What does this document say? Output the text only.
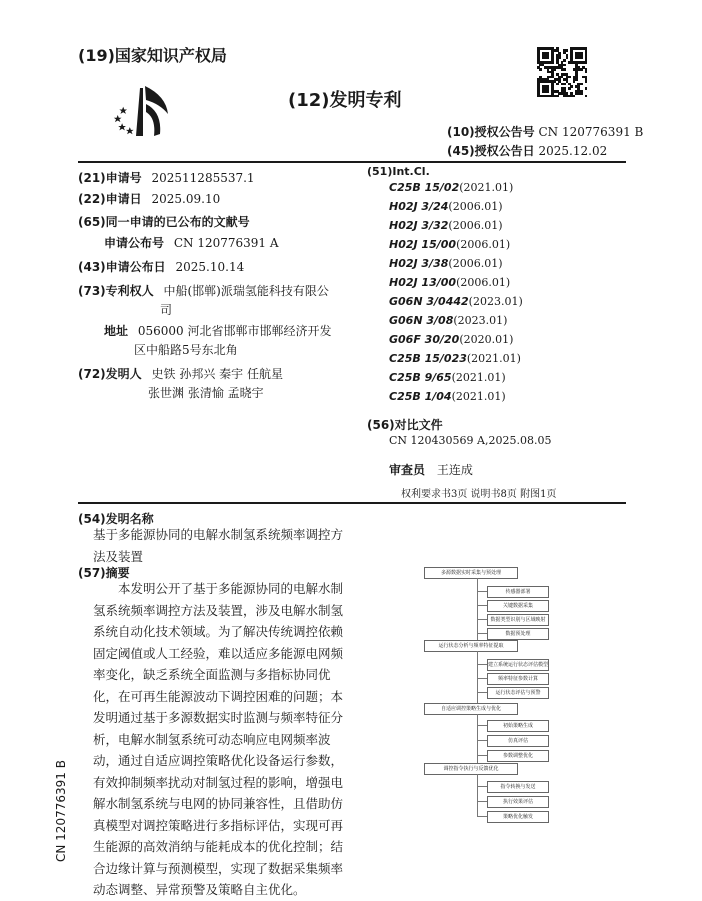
(19)国家知识产权局
(12)发明专利
(10)授权公告号 CN 120776391 B
(45)授权公告日 2025.12.02
(21)申请号 202511285537.1
(22)申请日 2025.09.10
(65)同一申请的已公布的文献号
申请公布号 CN 120776391 A
(43)申请公布日 2025.10.14
(73)专利权人 中船(邯郸)派瑞氢能科技有限公
司
地址 056000 河北省邯郸市邯郸经济开发
区中船路5号东北角
(72)发明人 史铁 孙邦兴 秦宇 任航星
张世渊 张清愉 孟晓宇
(51)Int.Cl.
C25B 15/02(2021.01)
H02J 3/24(2006.01)
H02J 3/32(2006.01)
H02J 15/00(2006.01)
H02J 3/38(2006.01)
H02J 13/00(2006.01)
G06N 3/0442(2023.01)
G06N 3/08(2023.01)
G06F 30/20(2020.01)
C25B 15/023(2021.01)
C25B 9/65(2021.01)
C25B 1/04(2021.01)
(56)对比文件
CN 120430569 A,2025.08.05
审查员 王连成
权利要求书3页 说明书8页 附图1页
(54)发明名称
基于多能源协同的电解水制氢系统频率调控方法及装置
(57)摘要
本发明公开了基于多能源协同的电解水制氢系统频率调控方法及装置，涉及电解水制氢系统自动化技术领域。为了解决传统调控依赖固定阈值或人工经验，难以适应多能源电网频率变化，缺乏系统全面监测与多指标协同优化，在可再生能源波动下调控困难的问题；本发明通过基于多源数据实时监测与频率特征分析，电解水制氢系统可动态响应电网频率波动，通过自适应调控策略优化设备运行参数，有效抑制频率扰动对制氢过程的影响，增强电解水制氢系统与电网的协同兼容性，且借助仿真模型对调控策略进行多指标评估，实现可再生能源的高效消纳与能耗成本的优化控制；结合边缘计算与预测模型，实现了数据采集频率动态调整、异常预警及策略自主优化。
CN 120776391 B
多源数据实时采集与预处理
传感器部署
关键数据采集
数据类型识别与区域映射
数据预处理
运行状态分析与频率特征提取
建立系统运行状态评估模型
频率特征参数计算
运行状态评估与预警
自适应调控策略生成与优化
初始策略生成
仿真评估
参数调整优化
调控指令执行与反馈优化
指令转换与发送
执行效果评估
策略优化触发
